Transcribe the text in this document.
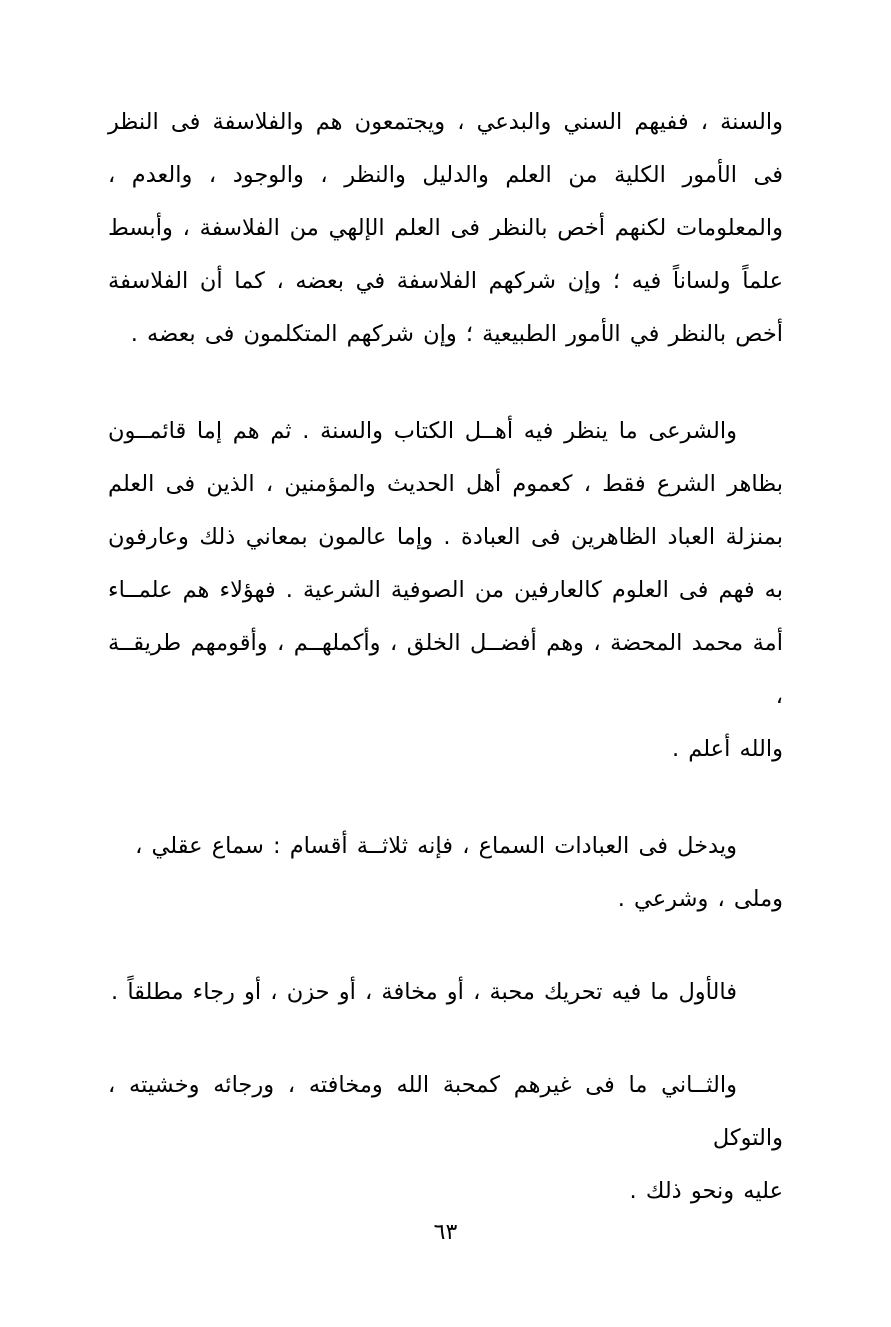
والسنة ، ففيهم السني والبدعي ، ويجتمعون هم والفلاسفة فى النظر فى الأمور الكلية من العلم والدليل والنظر ، والوجود ، والعدم ، والمعلومات لكنهم أخص بالنظر فى العلم الإلهي من الفلاسفة ، وأبسط علماً ولساناً فيه ؛ وإن شركهم الفلاسفة في بعضه ، كما أن الفلاسفة أخص بالنظر في الأمور الطبيعية ؛ وإن شركهم المتكلمون فى بعضه .

والشرعى ما ينظر فيه أهــل الكتاب والسنة . ثم هم إما قائمــون بظاهر الشرع فقط ، كعموم أهل الحديث والمؤمنين ، الذين فى العلم بمنزلة العباد الظاهرين فى العبادة . وإما عالمون بمعاني ذلك وعارفون به فهم فى العلوم كالعارفين من الصوفية الشرعية . فهؤلاء هم علمــاء أمة محمد المحضة ، وهم أفضــل الخلق ، وأكملهــم ، وأقومهم طريقــة ،
والله أعلم .

ويدخل فى العبادات السماع ، فإنه ثلاثــة أقسام : سماع عقلي ،
وملى ، وشرعي .

فالأول ما فيه تحريك محبة ، أو مخافة ، أو حزن ، أو رجاء مطلقاً .

والثــاني ما فى غيرهم كمحبة الله ومخافته ، ورجائه وخشيته ، والتوكل
عليه ونحو ذلك .

٦٣
